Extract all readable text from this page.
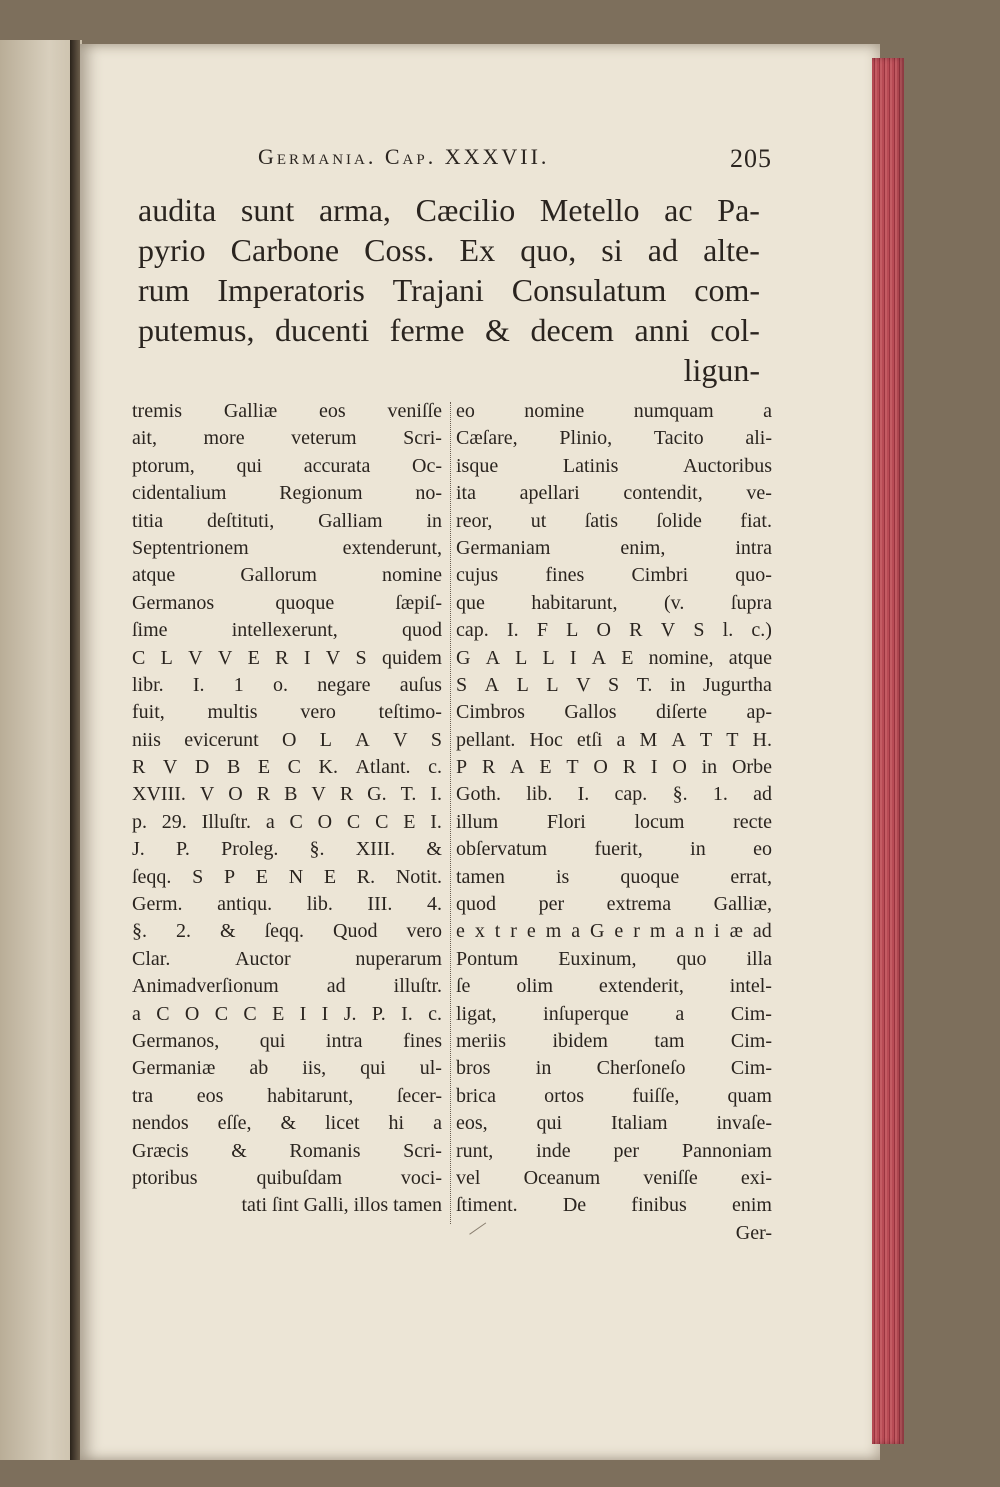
Germania. Cap. XXXVII.	205
audita sunt arma, Cæcilio Metello ac Pa-
pyrio Carbone Coss. Ex quo, si ad alte-
rum Imperatoris Trajani Consulatum com-
putemus, ducenti ferme & decem anni col-
ligun-
tremis Galliæ eos veniſſe
ait, more veterum Scri-
ptorum, qui accurata Oc-
cidentalium	Regionum	no-
titia deſtituti, Galliam in
Septentrionem	extenderunt,
atque	Gallorum	nomine
Germanos	quoque	ſæpiſ-
ſime	intellexerunt,	quod
C L V V E R I V S quidem
libr. I. 1 o. negare auſus
fuit, multis vero teſtimo-
niis evicerunt O L A V S
R V D B E C K. Atlant. c.
XVIII. V O R B V R G. T. I.
p. 29. Illuſtr. a C O C C E I.
J. P. Proleg. §. XIII. &
ſeqq. S P E N E R. Notit.
Germ. antiqu. lib. III. 4.
§. 2. & ſeqq. Quod vero
Clar.	Auctor	nuperarum
Animadverſionum ad illuſtr.
a C O C C E I I J. P. I. c.
Germanos, qui intra fines
Germaniæ ab iis, qui ul-
tra eos habitarunt, ſecer-
nendos eſſe, & licet hi a
Græcis & Romanis Scri-
ptoribus	quibuſdam	voci-
tati ſint Galli, illos tamen
eo nomine numquam a
Cæſare, Plinio, Tacito ali-
isque	Latinis	Auctoribus
ita apellari contendit, ve-
reor, ut ſatis ſolide fiat.
Germaniam	enim,	intra
cujus fines Cimbri quo-
que habitarunt, (v. ſupra
cap. I. F L O R V S l. c.)
G A L L I A E nomine, atque
S A L L V S T. in Jugurtha
Cimbros Gallos diſerte ap-
pellant. Hoc etſi a M A T T H.
P R A E T O R I O in Orbe
Goth. lib. I. cap. §. 1. ad
illum Flori locum recte
obſervatum fuerit, in eo
tamen	is	quoque	errat,
quod per extrema Galliæ,
e x t r e m a G e r m a n i æ ad
Pontum Euxinum, quo illa
ſe olim extenderit, intel-
ligat, inſuperque a Cim-
meriis ibidem tam Cim-
bros in Cherſoneſo Cim-
brica ortos fuiſſe, quam
eos, qui Italiam invaſe-
runt, inde per Pannoniam
vel Oceanum veniſſe exi-
ſtiment. De finibus enim
Ger-
